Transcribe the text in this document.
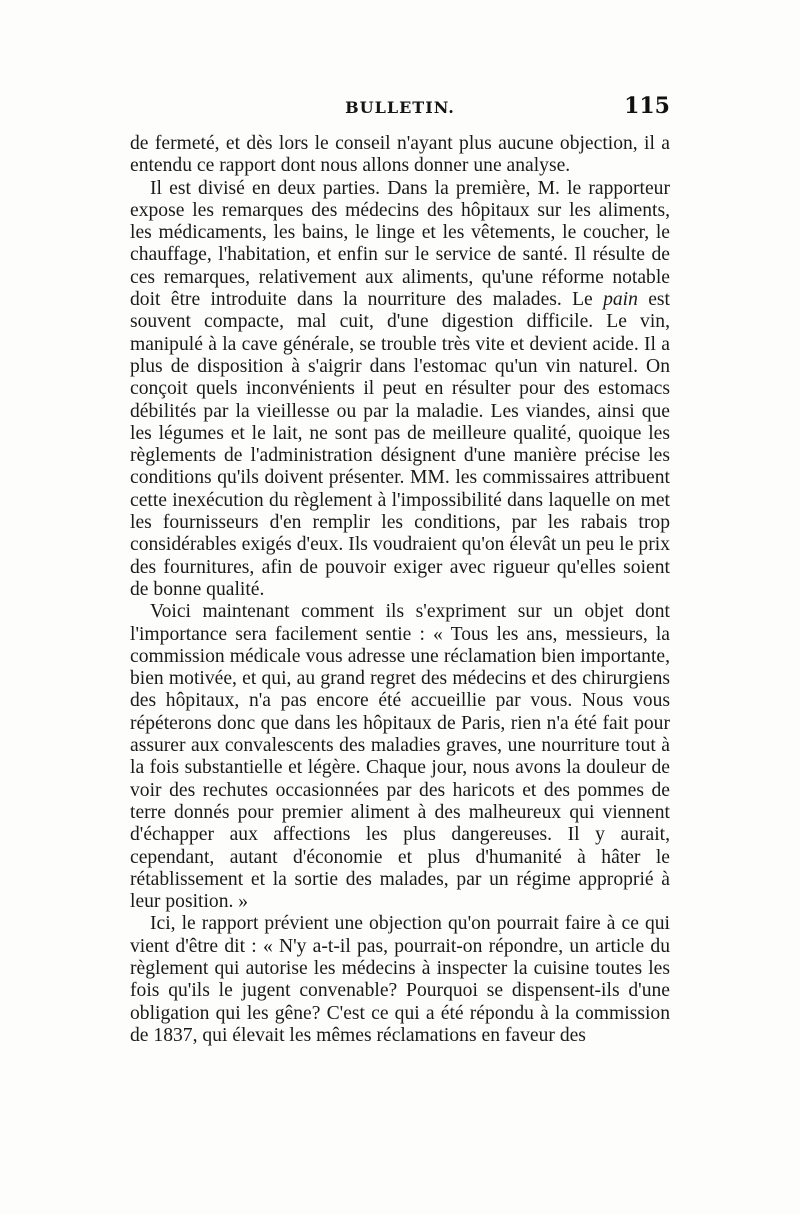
BULLETIN.	115

de fermeté, et dès lors le conseil n'ayant plus aucune objection, il a entendu ce rapport dont nous allons donner une analyse.

Il est divisé en deux parties. Dans la première, M. le rapporteur expose les remarques des médecins des hôpitaux sur les aliments, les médicaments, les bains, le linge et les vêtements, le coucher, le chauffage, l'habitation, et enfin sur le service de santé. Il résulte de ces remarques, relativement aux aliments, qu'une réforme notable doit être introduite dans la nourriture des malades. Le pain est souvent compacte, mal cuit, d'une digestion difficile. Le vin, manipulé à la cave générale, se trouble très vite et devient acide. Il a plus de disposition à s'aigrir dans l'estomac qu'un vin naturel. On conçoit quels inconvénients il peut en résulter pour des estomacs débilités par la vieillesse ou par la maladie. Les viandes, ainsi que les légumes et le lait, ne sont pas de meilleure qualité, quoique les règlements de l'administration désignent d'une manière précise les conditions qu'ils doivent présenter. MM. les commissaires attribuent cette inexécution du règlement à l'impossibilité dans laquelle on met les fournisseurs d'en remplir les conditions, par les rabais trop considérables exigés d'eux. Ils voudraient qu'on élevât un peu le prix des fournitures, afin de pouvoir exiger avec rigueur qu'elles soient de bonne qualité.

Voici maintenant comment ils s'expriment sur un objet dont l'importance sera facilement sentie : « Tous les ans, messieurs, la commission médicale vous adresse une réclamation bien importante, bien motivée, et qui, au grand regret des médecins et des chirurgiens des hôpitaux, n'a pas encore été accueillie par vous. Nous vous répéterons donc que dans les hôpitaux de Paris, rien n'a été fait pour assurer aux convalescents des maladies graves, une nourriture tout à la fois substantielle et légère. Chaque jour, nous avons la douleur de voir des rechutes occasionnées par des haricots et des pommes de terre donnés pour premier aliment à des malheureux qui viennent d'échapper aux affections les plus dangereuses. Il y aurait, cependant, autant d'économie et plus d'humanité à hâter le rétablissement et la sortie des malades, par un régime approprié à leur position. »

Ici, le rapport prévient une objection qu'on pourrait faire à ce qui vient d'être dit : « N'y a-t-il pas, pourrait-on répondre, un article du règlement qui autorise les médecins à inspecter la cuisine toutes les fois qu'ils le jugent convenable? Pourquoi se dispensent-ils d'une obligation qui les gêne? C'est ce qui a été répondu à la commission de 1837, qui élevait les mêmes réclamations en faveur des
